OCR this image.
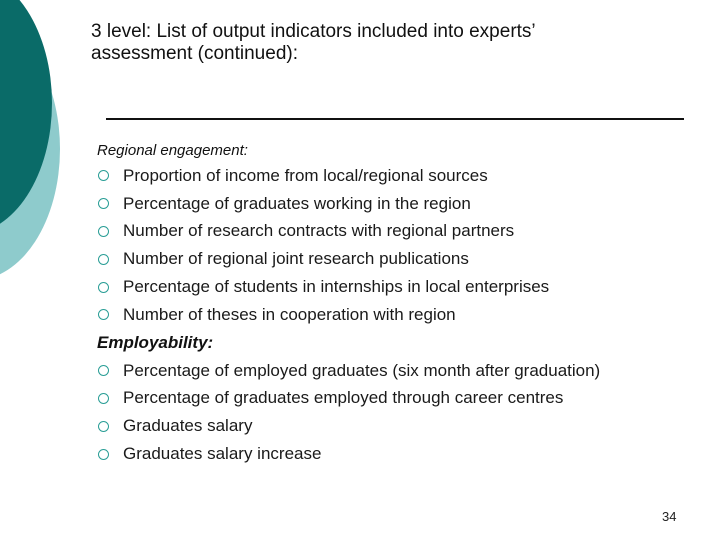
3 level: List of output indicators included into experts’
assessment (continued):

Regional engagement:

Proportion of income from local/regional sources
Percentage of graduates working in the region
Number of research contracts with regional partners
Number of regional joint research publications
Percentage of students in internships in local enterprises
Number of theses in cooperation with region

Employability:

Percentage of employed graduates (six month after graduation)
Percentage of graduates employed through career centres
Graduates salary
Graduates salary increase
34
